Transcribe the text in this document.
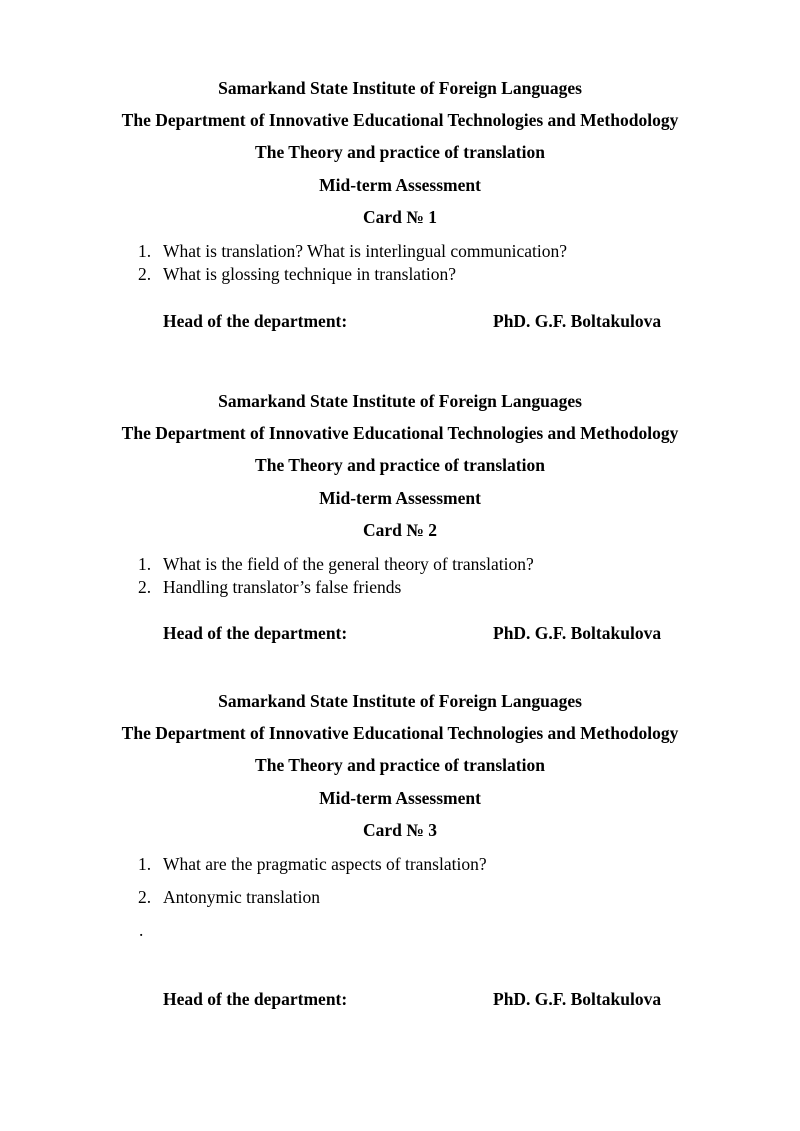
Samarkand State Institute of Foreign Languages
The Department of Innovative Educational Technologies and Methodology
The Theory and practice of translation
Mid-term Assessment
Card № 1
1. What is translation? What is interlingual communication?
2. What is glossing technique in translation?
Head of the department:	PhD. G.F. Boltakulova
Samarkand State Institute of Foreign Languages
The Department of Innovative Educational Technologies and Methodology
The Theory and practice of translation
Mid-term Assessment
Card № 2
1. What is the field of the general theory of translation?
2. Handling translator’s false friends
Head of the department:	PhD. G.F. Boltakulova
Samarkand State Institute of Foreign Languages
The Department of Innovative Educational Technologies and Methodology
The Theory and practice of translation
Mid-term Assessment
Card № 3
1. What are the pragmatic aspects of translation?
2. Antonymic translation
.
Head of the department:	PhD. G.F. Boltakulova
